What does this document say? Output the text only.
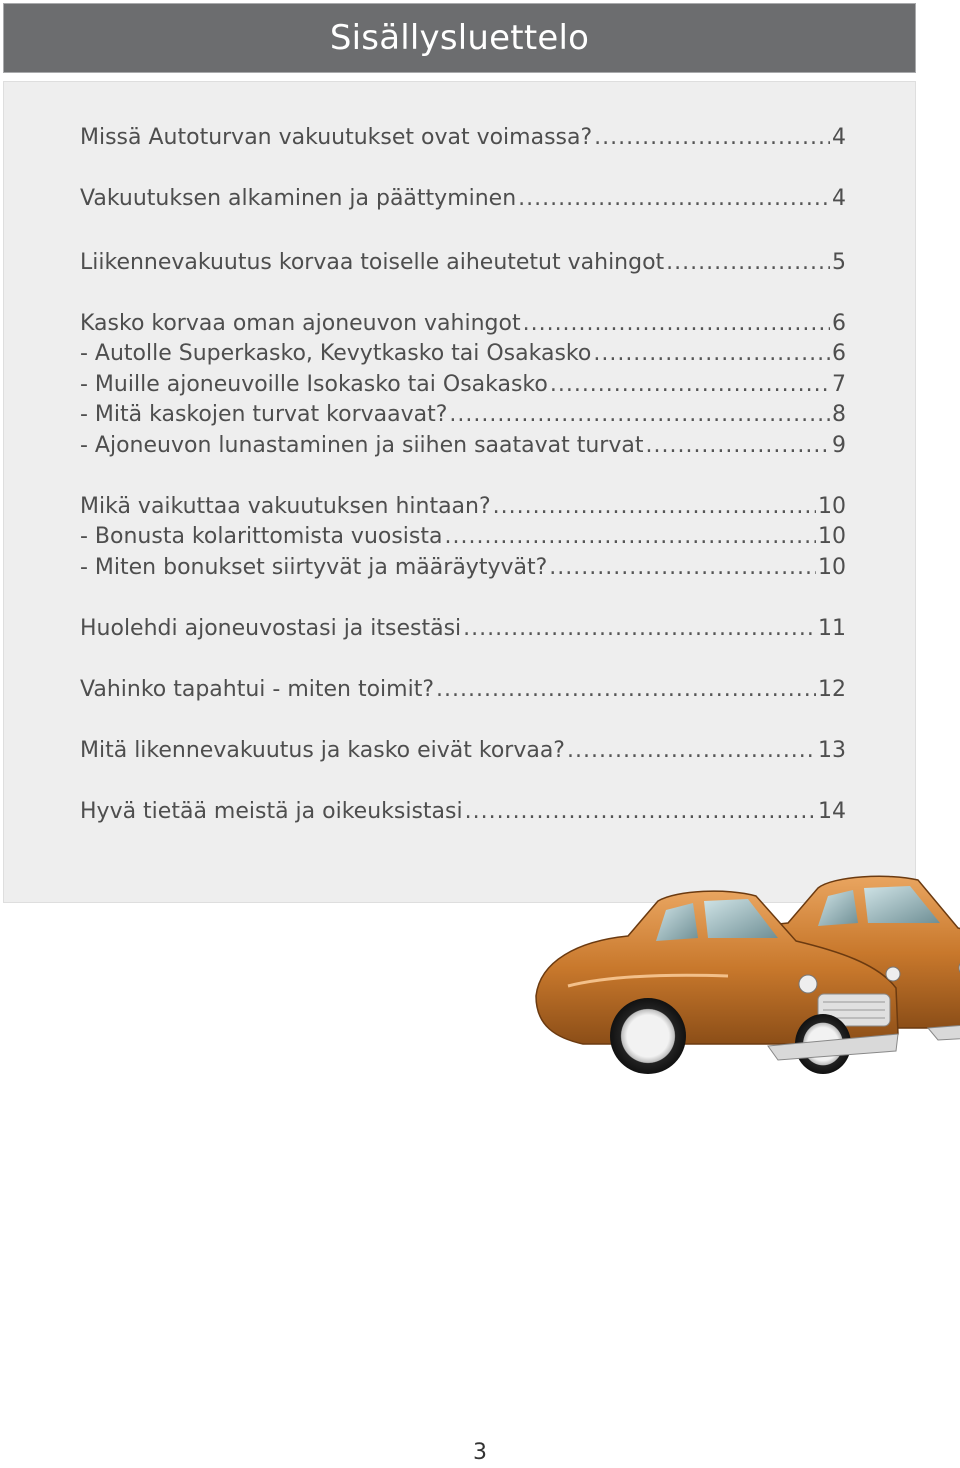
Sisällysluettelo
Missä Autoturvan vakuutukset ovat voimassa? .....	4
Vakuutuksen alkaminen ja päättyminen .....	4
Liikennevakuutus korvaa toiselle aiheutetut vahingot .....	5
Kasko korvaa oman ajoneuvon vahingot .....	6
- Autolle Superkasko, Kevytkasko tai Osakasko .....	6
- Muille ajoneuvoille Isokasko tai Osakasko .....	7
- Mitä kaskojen turvat korvaavat? .....	8
- Ajoneuvon lunastaminen ja siihen saatavat turvat .....	9
Mikä vaikuttaa vakuutuksen hintaan? .....	10
- Bonusta kolarittomista vuosista .....	10
- Miten bonukset siirtyvät ja määräytyvät? .....	10
Huolehdi ajoneuvostasi ja itsestäsi .....	11
Vahinko tapahtui - miten toimit? .....	12
Mitä likennevakuutus ja kasko eivät korvaa? .....	13
Hyvä tietää meistä ja oikeuksistasi .....	14
3
